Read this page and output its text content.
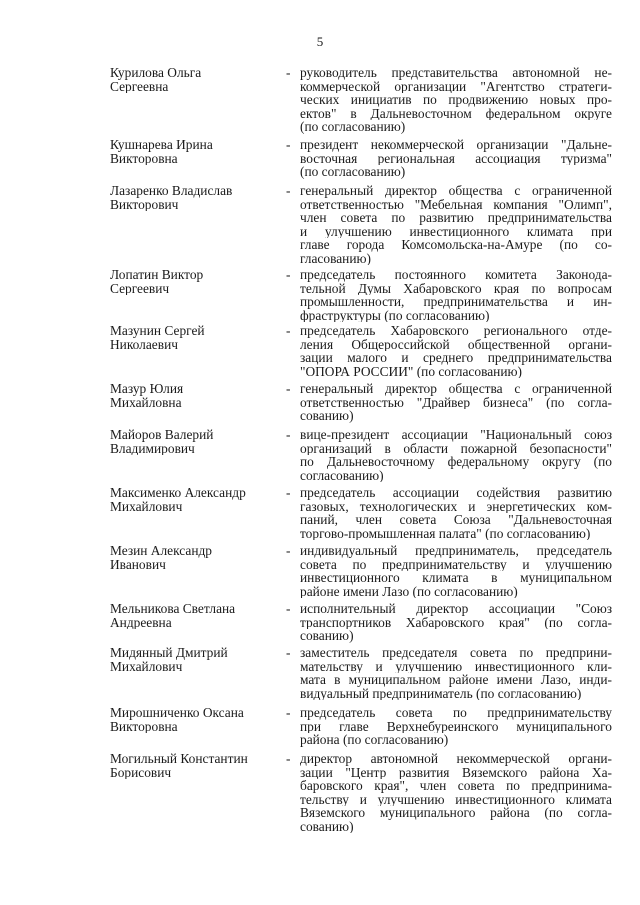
5
Курилова Ольга
Сергеевна
- руководитель представительства автономной не-
коммерческой организации "Агентство стратеги-
ческих инициатив по продвижению новых про-
ектов" в Дальневосточном федеральном округе
(по согласованию)
Кушнарева Ирина
Викторовна
- президент некоммерческой организации "Дальне-
восточная региональная ассоциация туризма"
(по согласованию)
Лазаренко Владислав
Викторович
- генеральный директор общества с ограниченной
ответственностью "Мебельная компания "Олимп",
член совета по развитию предпринимательства
и улучшению инвестиционного климата при
главе города Комсомольска-на-Амуре (по со-
гласованию)
Лопатин Виктор
Сергеевич
- председатель постоянного комитета Законода-
тельной Думы Хабаровского края по вопросам
промышленности, предпринимательства и ин-
фраструктуры (по согласованию)
Мазунин Сергей
Николаевич
- председатель Хабаровского регионального отде-
ления Общероссийской общественной органи-
зации малого и среднего предпринимательства
"ОПОРА РОССИИ" (по согласованию)
Мазур Юлия
Михайловна
- генеральный директор общества с ограниченной
ответственностью "Драйвер бизнеса" (по согла-
сованию)
Майоров Валерий
Владимирович
- вице-президент ассоциации "Национальный союз
организаций в области пожарной безопасности"
по Дальневосточному федеральному округу (по
согласованию)
Максименко Александр
Михайлович
- председатель ассоциации содействия развитию
газовых, технологических и энергетических ком-
паний, член совета Союза "Дальневосточная
торгово-промышленная палата" (по согласованию)
Мезин Александр
Иванович
- индивидуальный предприниматель, председатель
совета по предпринимательству и улучшению
инвестиционного климата в муниципальном
районе имени Лазо (по согласованию)
Мельникова Светлана
Андреевна
- исполнительный директор ассоциации "Союз
транспортников Хабаровского края" (по согла-
сованию)
Мидянный Дмитрий
Михайлович
- заместитель председателя совета по предприни-
мательству и улучшению инвестиционного кли-
мата в муниципальном районе имени Лазо, инди-
видуальный предприниматель (по согласованию)
Мирошниченко Оксана
Викторовна
- председатель совета по предпринимательству
при главе Верхнебуреинского муниципального
района (по согласованию)
Могильный Константин
Борисович
- директор автономной некоммерческой органи-
зации "Центр развития Вяземского района Ха-
баровского края", член совета по предпринима-
тельству и улучшению инвестиционного климата
Вяземского муниципального района (по согла-
сованию)
